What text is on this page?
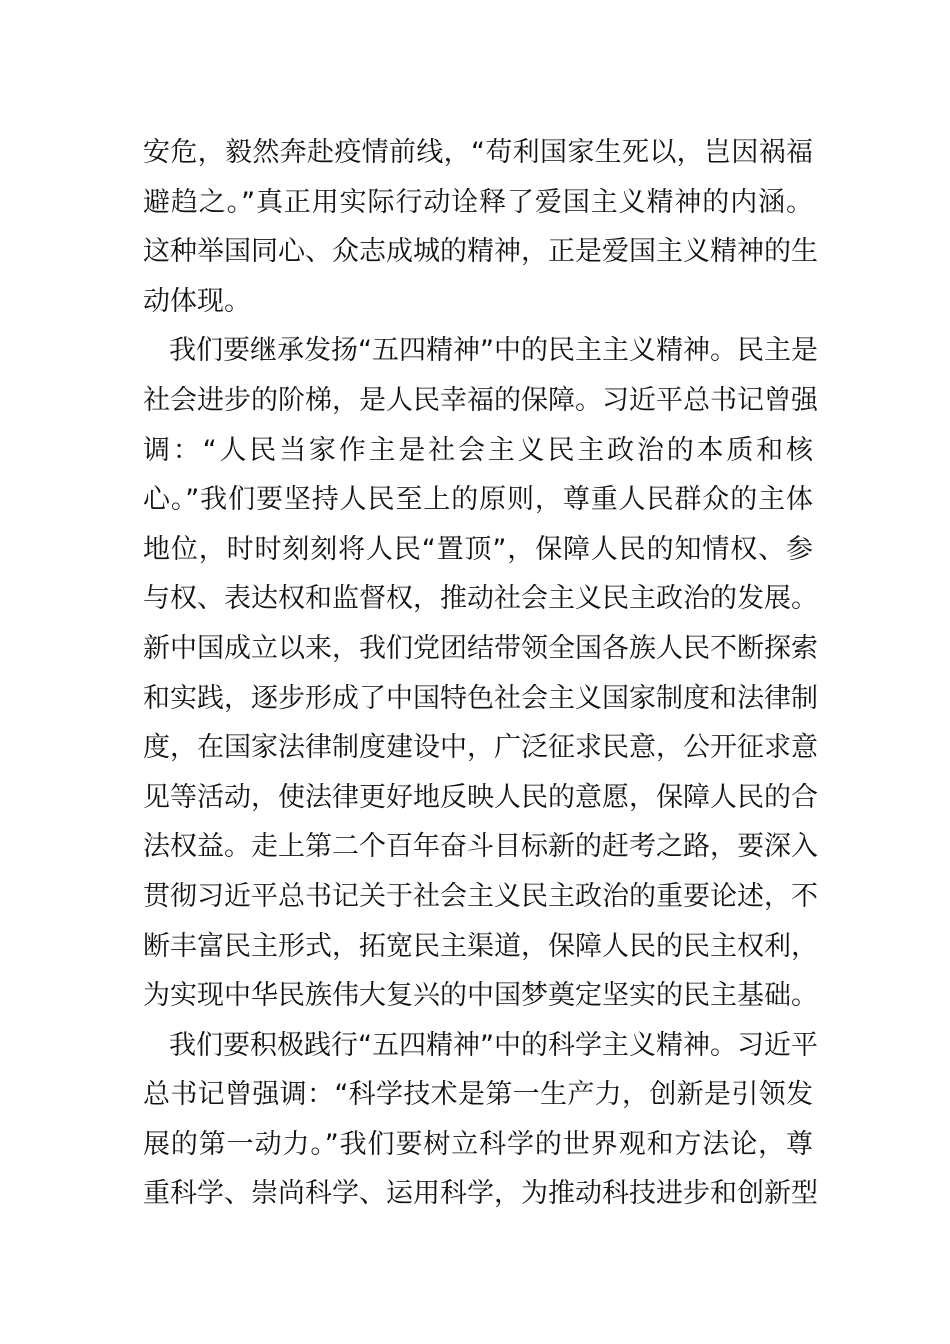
安危，毅然奔赴疫情前线，“苟利国家生死以，岂因祸福
避趋之。”真正用实际行动诠释了爱国主义精神的内涵。
这种举国同心、众志成城的精神，正是爱国主义精神的生
动体现。
我们要继承发扬“五四精神”中的民主主义精神。民主是
社会进步的阶梯，是人民幸福的保障。习近平总书记曾强
调：“人民当家作主是社会主义民主政治的本质和核
心。”我们要坚持人民至上的原则，尊重人民群众的主体
地位，时时刻刻将人民“置顶”，保障人民的知情权、参
与权、表达权和监督权，推动社会主义民主政治的发展。
新中国成立以来，我们党团结带领全国各族人民不断探索
和实践，逐步形成了中国特色社会主义国家制度和法律制
度，在国家法律制度建设中，广泛征求民意，公开征求意
见等活动，使法律更好地反映人民的意愿，保障人民的合
法权益。走上第二个百年奋斗目标新的赶考之路，要深入
贯彻习近平总书记关于社会主义民主政治的重要论述，不
断丰富民主形式，拓宽民主渠道，保障人民的民主权利，
为实现中华民族伟大复兴的中国梦奠定坚实的民主基础。
我们要积极践行“五四精神”中的科学主义精神。习近平
总书记曾强调：“科学技术是第一生产力，创新是引领发
展的第一动力。”我们要树立科学的世界观和方法论，尊
重科学、崇尚科学、运用科学，为推动科技进步和创新型
